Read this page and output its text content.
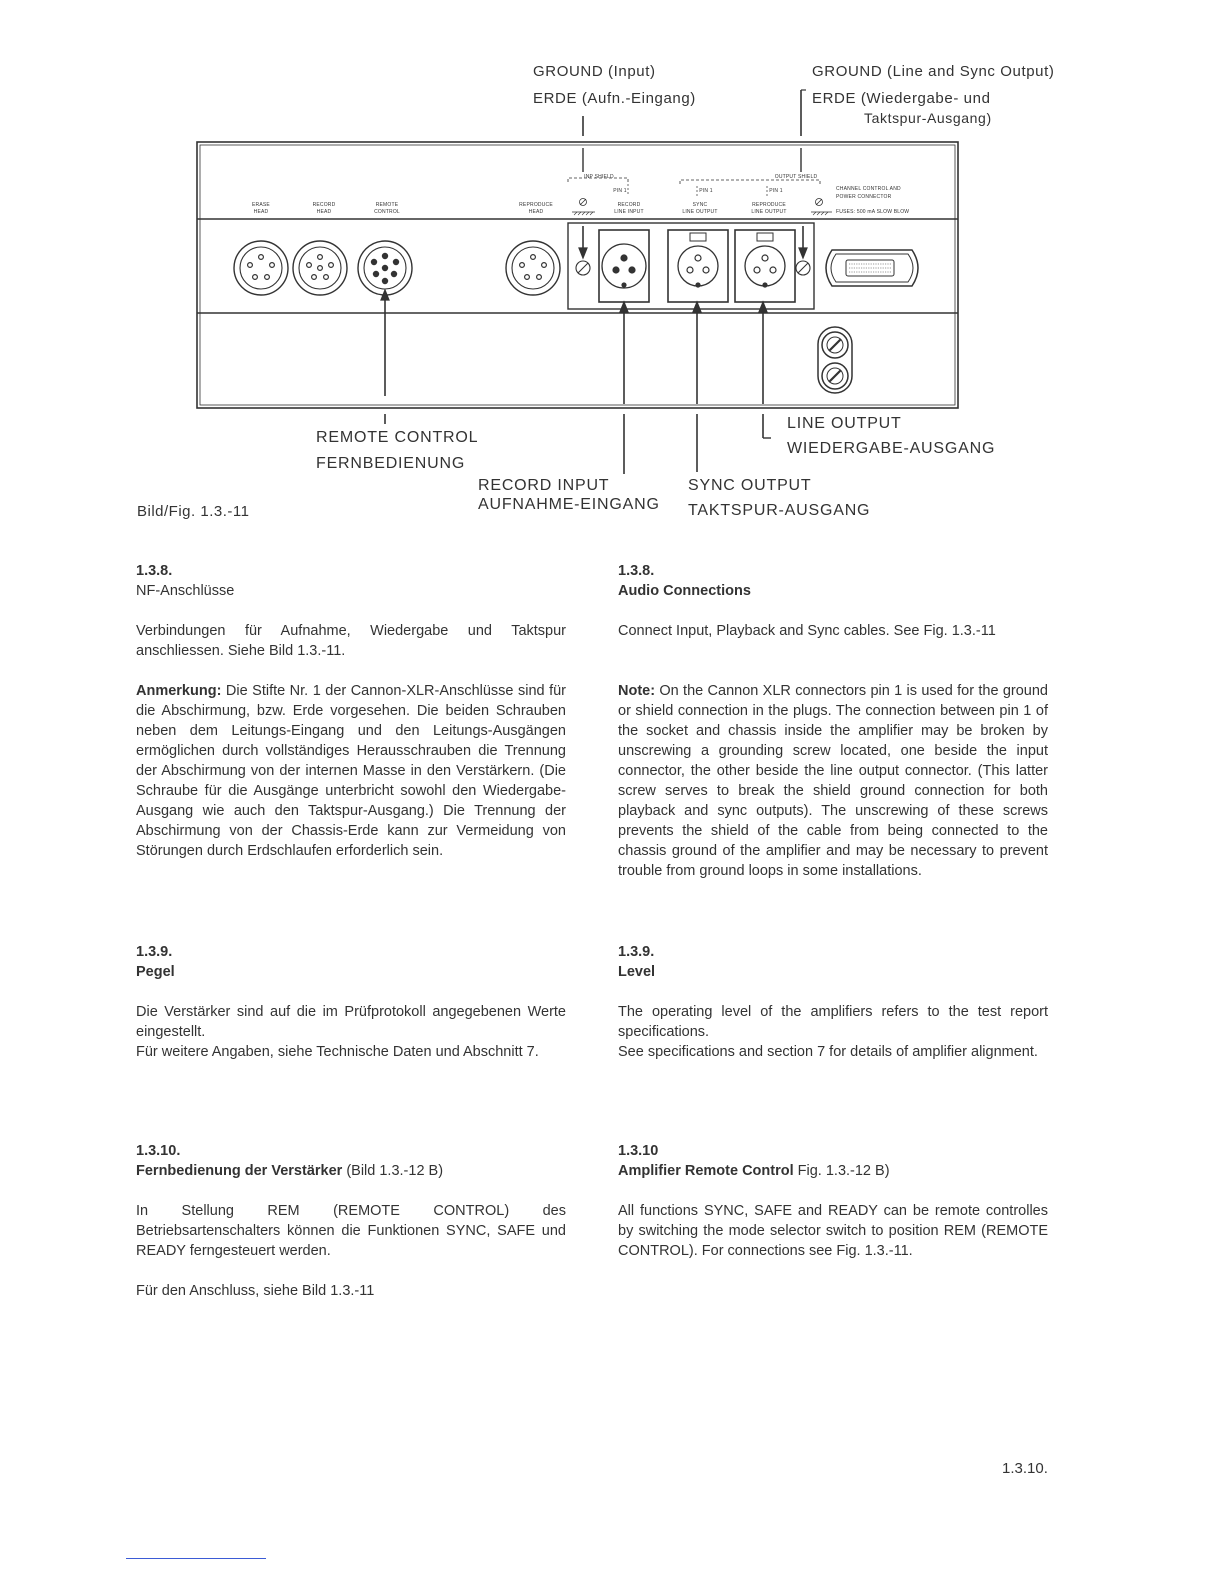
GROUND (Input)
ERDE (Aufn.-Eingang)
GROUND (Line and Sync Output)
ERDE (Wiedergabe- und
Taktspur-Ausgang)
ERASE
HEAD
RECORD
HEAD
REMOTE
CONTROL
REPRODUCE
HEAD
INP SHIELD
PIN 1
RECORD
LINE INPUT
OUTPUT SHIELD
PIN 1	PIN 1
SYNC
LINE OUTPUT
REPRODUCE
LINE OUTPUT
CHANNEL CONTROL AND
POWER CONNECTOR
FUSES: 500 mA SLOW BLOW
REMOTE CONTROL
FERNBEDIENUNG
RECORD INPUT
AUFNAHME-EINGANG
SYNC OUTPUT
TAKTSPUR-AUSGANG
LINE OUTPUT
WIEDERGABE-AUSGANG
Bild/Fig. 1.3.-11

1.3.8.

NF-Anschlüsse

Verbindungen für Aufnahme, Wiedergabe und Taktspur anschliessen. Siehe Bild 1.3.-11.

Anmerkung: Die Stifte Nr. 1 der Cannon-XLR-Anschlüsse sind für die Abschirmung, bzw. Erde vorgesehen. Die beiden Schrauben neben dem Leitungs-Eingang und den Leitungs-Ausgängen ermöglichen durch vollständiges Herausschrauben die Trennung der Abschirmung von der internen Masse in den Verstärkern. (Die Schraube für die Ausgänge unterbricht sowohl den Wiedergabe-Ausgang wie auch den Taktspur-Ausgang.) Die Trennung der Abschirmung von der Chassis-Erde kann zur Vermeidung von Störungen durch Erdschlaufen erforderlich sein.

1.3.9.

Pegel

Die Verstärker sind auf die im Prüfprotokoll angegebenen Werte eingestellt.

Für weitere Angaben, siehe Technische Daten und Abschnitt 7.

1.3.10.

Fernbedienung der Verstärker (Bild 1.3.-12 B)

In Stellung REM (REMOTE CONTROL) des Betriebsartenschalters können die Funktionen SYNC, SAFE und READY ferngesteuert werden.

Für den Anschluss, siehe Bild 1.3.-11

1.3.8.

Audio Connections

Connect Input, Playback and Sync cables. See Fig. 1.3.-11

Note: On the Cannon XLR connectors pin 1 is used for the ground or shield connection in the plugs. The connection between pin 1 of the socket and chassis inside the amplifier may be broken by unscrewing a grounding screw located, one beside the input connector, the other beside the line output connector. (This latter screw serves to break the shield ground connection for both playback and sync outputs). The unscrewing of these screws prevents the shield of the cable from being connected to the chassis ground of the amplifier and may be necessary to prevent trouble from ground loops in some installations.

1.3.9.

Level

The operating level of the amplifiers refers to the test report specifications.

See specifications and section 7 for details of amplifier alignment.

1.3.10

Amplifier Remote Control Fig. 1.3.-12 B)

All functions SYNC, SAFE and READY can be remote controlles by switching the mode selector switch to position REM (REMOTE CONTROL). For connections see Fig. 1.3.-11.

1.3.10.
